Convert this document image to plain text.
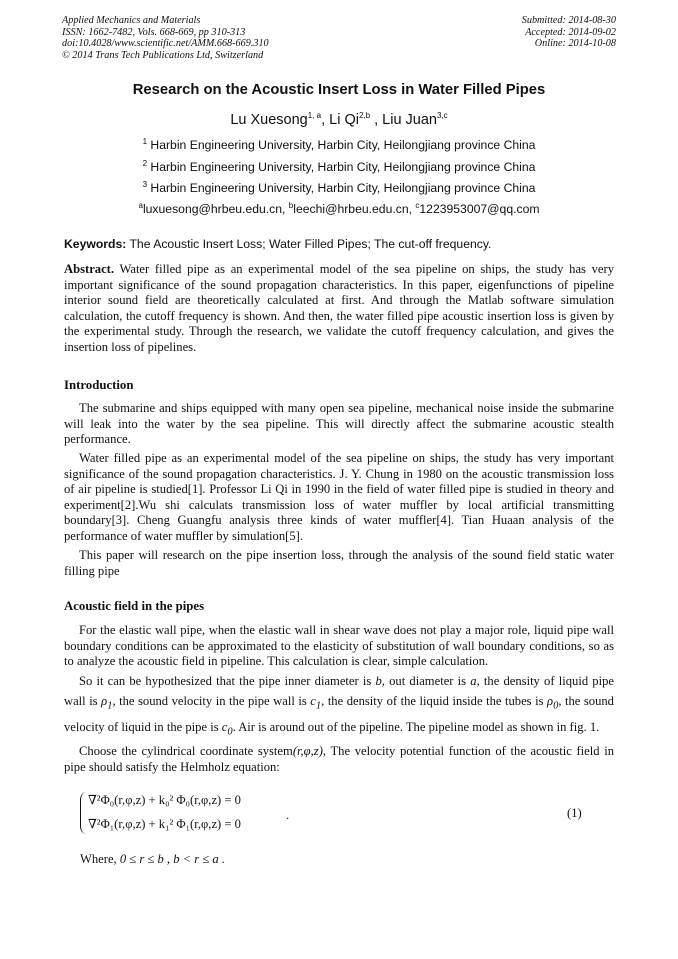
Applied Mechanics and Materials
ISSN: 1662-7482, Vols. 668-669, pp 310-313
doi:10.4028/www.scientific.net/AMM.668-669.310
© 2014 Trans Tech Publications Ltd, Switzerland
Submitted: 2014-08-30
Accepted: 2014-09-02
Online: 2014-10-08
Research on the Acoustic Insert Loss in Water Filled Pipes
Lu Xuesong$^{1, a}$, Li Qi$^{2,b}$ , Liu Juan$^{3,c}$
$^1$ Harbin Engineering University, Harbin City, Heilongjiang province China
$^2$ Harbin Engineering University, Harbin City, Heilongjiang province China
$^3$ Harbin Engineering University, Harbin City, Heilongjiang province China
$^a$luxuesong@hrbeu.edu.cn, $^b$leechi@hrbeu.edu.cn, $^c$1223953007@qq.com
Keywords: The Acoustic Insert Loss; Water Filled Pipes; The cut-off frequency.
Abstract. Water filled pipe as an experimental model of the sea pipeline on ships, the study has very important significance of the sound propagation characteristics. In this paper, eigenfunctions of pipeline interior sound field are theoretically calculated at first. And through the Matlab software simulation calculation, the cutoff frequency is shown. And then, the water filled pipe acoustic insertion loss is given by the experimental study. Through the research, we validate the cutoff frequency calculation, and gives the insertion loss of pipelines.
Introduction
The submarine and ships equipped with many open sea pipeline, mechanical noise inside the submarine will leak into the water by the sea pipeline. This will directly affect the submarine acoustic stealth performance.
Water filled pipe as an experimental model of the sea pipeline on ships, the study has very important significance of the sound propagation characteristics. J. Y. Chung in 1980 on the acoustic transmission loss of air pipeline is studied[1]. Professor Li Qi in 1990 in the field of water filled pipe is studied in theory and experiment[2].Wu shi calculats transmission loss of water muffler by local artificial transmitting boundary[3]. Cheng Guangfu analysis three kinds of water muffler[4]. Tian Huaan analysis of the performance of water muffler by simulation[5].
This paper will research on the pipe insertion loss, through the analysis of the sound field static water filling pipe
Acoustic field in the pipes
For the elastic wall pipe, when the elastic wall in shear wave does not play a major role, liquid pipe wall boundary conditions can be approximated to the elasticity of substitution of wall boundary conditions, so as to analyze the acoustic field in pipeline. This calculation is clear, simple calculation.
So it can be hypothesized that the pipe inner diameter is b, out diameter is a, the density of liquid pipe wall is $\rho_1$, the sound velocity in the pipe wall is $c_1$, the density of the liquid inside the tubes is $\rho_0$, the sound velocity of liquid in the pipe is $c_0$. Air is around out of the pipeline. The pipeline model as shown in fig. 1.
Choose the cylindrical coordinate system(r,φ,z), The velocity potential function of the acoustic field in pipe should satisfy the Helmholz equation:
∇²Φ₀(r,φ,z) + k₀² Φ₀(r,φ,z) = 0
∇²Φ₁(r,φ,z) + k₁² Φ₁(r,φ,z) = 0
.	(1)
Where, 0 ≤ r ≤ b , b < r ≤ a .
